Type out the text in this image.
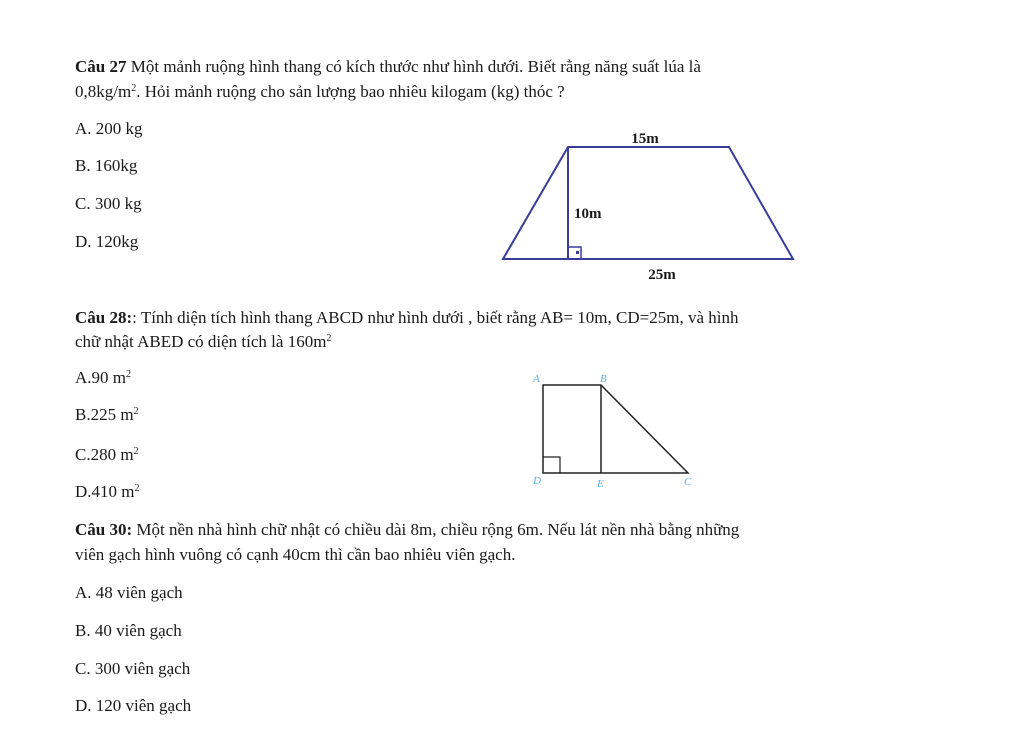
Câu 27 Một mảnh ruộng hình thang có kích thước như hình dưới. Biết rằng năng suất lúa là
$0,8kg/m^2$. Hỏi mảnh ruộng cho sản lượng bao nhiêu kilogam (kg) thóc ?
A. 200 kg
B. 160kg
C. 300 kg
D. 120kg
Câu 28:: Tính diện tích hình thang ABCD như hình dưới , biết rằng AB= 10m, CD=25m, và hình
chữ nhật ABED có diện tích là $160m^2$
A.90 $m^2$
B.225 $m^2$
C.280 $m^2$
D.410 $m^2$
Câu 30: Một nền nhà hình chữ nhật có chiều dài 8m, chiều rộng 6m. Nếu lát nền nhà bằng những
viên gạch hình vuông có cạnh 40cm thì cần bao nhiêu viên gạch.
A. 48 viên gạch
B. 40 viên gạch
C. 300 viên gạch
D. 120 viên gạch
15m
10m
25m
A	B
D	E	C
